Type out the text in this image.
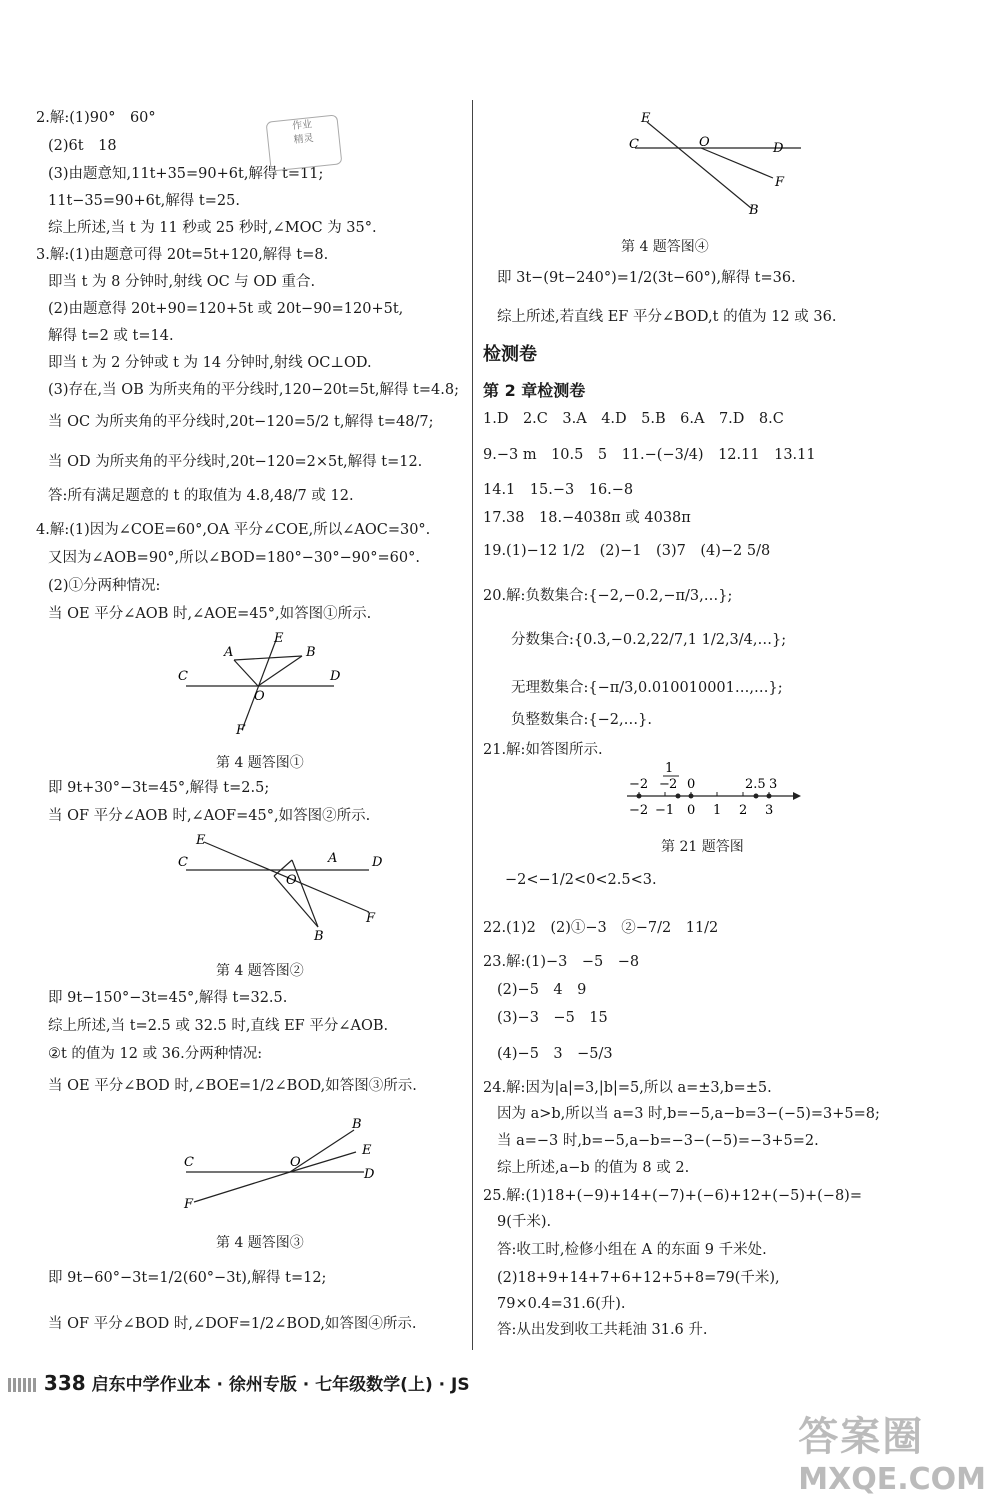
2.解:(1)90°　60°
(2)6t　18
(3)由题意知,11t+35=90+6t,解得 t=11;
11t−35=90+6t,解得 t=25.
综上所述,当 t 为 11 秒或 25 秒时,∠MOC 为 35°.
3.解:(1)由题意可得 20t=5t+120,解得 t=8.
即当 t 为 8 分钟时,射线 OC 与 OD 重合.
(2)由题意得 20t+90=120+5t 或 20t−90=120+5t,
解得 t=2 或 t=14.
即当 t 为 2 分钟或 t 为 14 分钟时,射线 OC⊥OD.
(3)存在,当 OB 为所夹角的平分线时,120−20t=5t,解得 t=4.8;
当 OC 为所夹角的平分线时,20t−120=5/2 t,解得 t=48/7;
当 OD 为所夹角的平分线时,20t−120=2×5t,解得 t=12.
答:所有满足题意的 t 的取值为 4.8,48/7 或 12.
4.解:(1)因为∠COE=60°,OA 平分∠COE,所以∠AOC=30°.
又因为∠AOB=90°,所以∠BOD=180°−30°−90°=60°.
(2)①分两种情况:
当 OE 平分∠AOB 时,∠AOE=45°,如答图①所示.
C	D
A	B
E
O
F
第 4 题答图①
即 9t+30°−3t=45°,解得 t=2.5;
当 OF 平分∠AOB 时,∠AOF=45°,如答图②所示.
C	D
E
A
O
F
B
第 4 题答图②
即 9t−150°−3t=45°,解得 t=32.5.
综上所述,当 t=2.5 或 32.5 时,直线 EF 平分∠AOB.
②t 的值为 12 或 36.分两种情况:
当 OE 平分∠BOD 时,∠BOE=1/2∠BOD,如答图③所示.
C
D
O
B
E
F
第 4 题答图③
即 9t−60°−3t=1/2(60°−3t),解得 t=12;
当 OF 平分∠BOD 时,∠DOF=1/2∠BOD,如答图④所示.
作业
精灵	C	D
E
O
F
B
第 4 题答图④
即 3t−(9t−240°)=1/2(3t−60°),解得 t=36.
综上所述,若直线 EF 平分∠BOD,t 的值为 12 或 36.
检测卷
第 2 章检测卷
1.D　2.C　3.A　4.D　5.B　6.A　7.D　8.C
9.−3 m　10.5　5　11.−(−3/4)　12.11　13.11
14.1　15.−3　16.−8
17.38　18.−4038π 或 4038π
19.(1)−12 1/2　(2)−1　(3)7　(4)−2 5/8
20.解:负数集合:{−2,−0.2,−π/3,…};
分数集合:{0.3̇,−0.2,22/7,1 1/2,3/4,…};
无理数集合:{−π/3,0.010010001…,…};
负整数集合:{−2,…}.
21.解:如答图所示.
−2
1
− 2 0	2.5 3
−2 −1 0 1 2 3
第 21 题答图
−2<−1/2<0<2.5<3.
22.(1)2　(2)①−3　②−7/2　11/2
23.解:(1)−3　−5　−8
(2)−5　4　9
(3)−3　−5　15
(4)−5　3　−5/3
24.解:因为|a|=3,|b|=5,所以 a=±3,b=±5.
因为 a>b,所以当 a=3 时,b=−5,a−b=3−(−5)=3+5=8;
当 a=−3 时,b=−5,a−b=−3−(−5)=−3+5=2.
综上所述,a−b 的值为 8 或 2.
25.解:(1)18+(−9)+14+(−7)+(−6)+12+(−5)+(−8)=
9(千米).
答:收工时,检修小组在 A 的东面 9 千米处.
(2)18+9+14+7+6+12+5+8=79(千米),
79×0.4=31.6(升).
答:从出发到收工共耗油 31.6 升.
338 启东中学作业本 · 徐州专版 · 七年级数学(上) · JS
答案圈
MXQE.COM
